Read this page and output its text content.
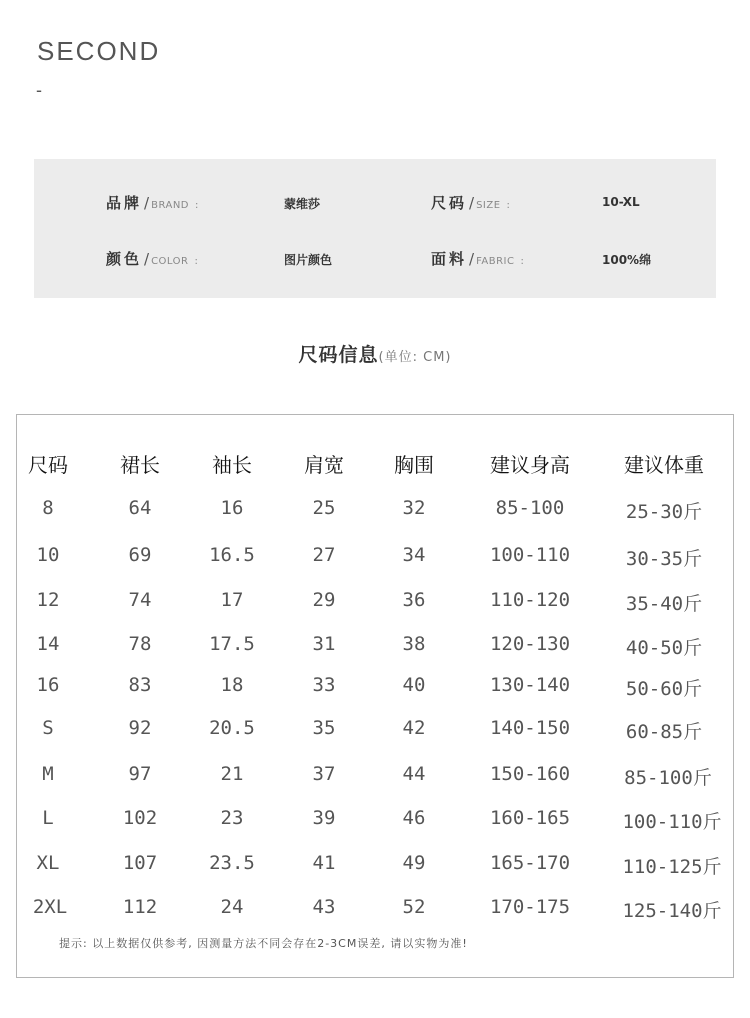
SECOND
-
品牌 / BRAND :	蒙维莎	尺码 / SIZE :	10-XL
颜色 / COLOR :	图片颜色	面料 / FABRIC :	100%绵
尺码信息(单位: CM)
尺码	裙长	袖长	肩宽	胸围	建议身高	建议体重
8	64	16	25	32	85-100	25-30斤
10	69	16.5	27	34	100-110	30-35斤
12	74	17	29	36	110-120	35-40斤
14	78	17.5	31	38	120-130	40-50斤
16	83	18	33	40	130-140	50-60斤
S	92	20.5	35	42	140-150	60-85斤
M	97	21	37	44	150-160	85-100斤
L	102	23	39	46	160-165	100-110斤
XL	107	23.5	41	49	165-170	110-125斤
2XL	112	24	43	52	170-175	125-140斤
提示: 以上数据仅供参考, 因测量方法不同会存在2-3CM误差, 请以实物为准!
